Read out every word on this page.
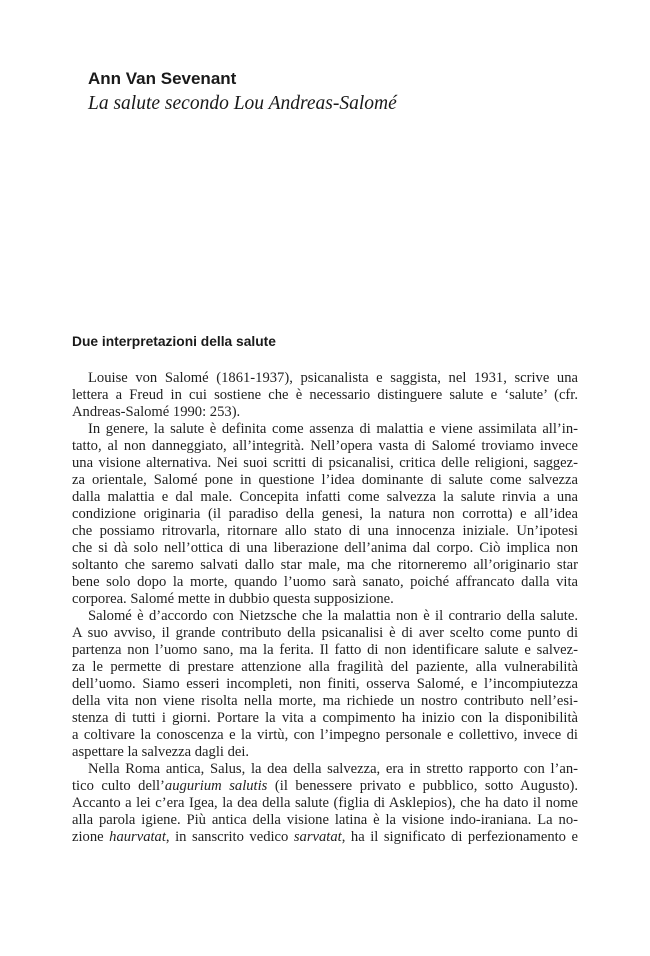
Ann Van Sevenant
La salute secondo Lou Andreas-Salomé
Due interpretazioni della salute
Louise von Salomé (1861-1937), psicanalista e saggista, nel 1931, scrive una
lettera a Freud in cui sostiene che è necessario distinguere salute e ‘salute’ (cfr.
Andreas-Salomé 1990: 253).
In genere, la salute è definita come assenza di malattia e viene assimilata all’in-
tatto, al non danneggiato, all’integrità. Nell’opera vasta di Salomé troviamo invece
una visione alternativa. Nei suoi scritti di psicanalisi, critica delle religioni, saggez-
za orientale, Salomé pone in questione l’idea dominante di salute come salvezza
dalla malattia e dal male. Concepita infatti come salvezza la salute rinvia a una
condizione originaria (il paradiso della genesi, la natura non corrotta) e all’idea
che possiamo ritrovarla, ritornare allo stato di una innocenza iniziale. Un’ipotesi
che si dà solo nell’ottica di una liberazione dell’anima dal corpo. Ciò implica non
soltanto che saremo salvati dallo star male, ma che ritorneremo all’originario star
bene solo dopo la morte, quando l’uomo sarà sanato, poiché affrancato dalla vita
corporea. Salomé mette in dubbio questa supposizione.
Salomé è d’accordo con Nietzsche che la malattia non è il contrario della salute.
A suo avviso, il grande contributo della psicanalisi è di aver scelto come punto di
partenza non l’uomo sano, ma la ferita. Il fatto di non identificare salute e salvez-
za le permette di prestare attenzione alla fragilità del paziente, alla vulnerabilità
dell’uomo. Siamo esseri incompleti, non finiti, osserva Salomé, e l’incompiutezza
della vita non viene risolta nella morte, ma richiede un nostro contributo nell’esi-
stenza di tutti i giorni. Portare la vita a compimento ha inizio con la disponibilità
a coltivare la conoscenza e la virtù, con l’impegno personale e collettivo, invece di
aspettare la salvezza dagli dei.
Nella Roma antica, Salus, la dea della salvezza, era in stretto rapporto con l’an-
tico culto dell’augurium salutis (il benessere privato e pubblico, sotto Augusto).
Accanto a lei c’era Igea, la dea della salute (figlia di Asklepios), che ha dato il nome
alla parola igiene. Più antica della visione latina è la visione indo-iraniana. La no-
zione haurvatat, in sanscrito vedico sarvatat, ha il significato di perfezionamento e
